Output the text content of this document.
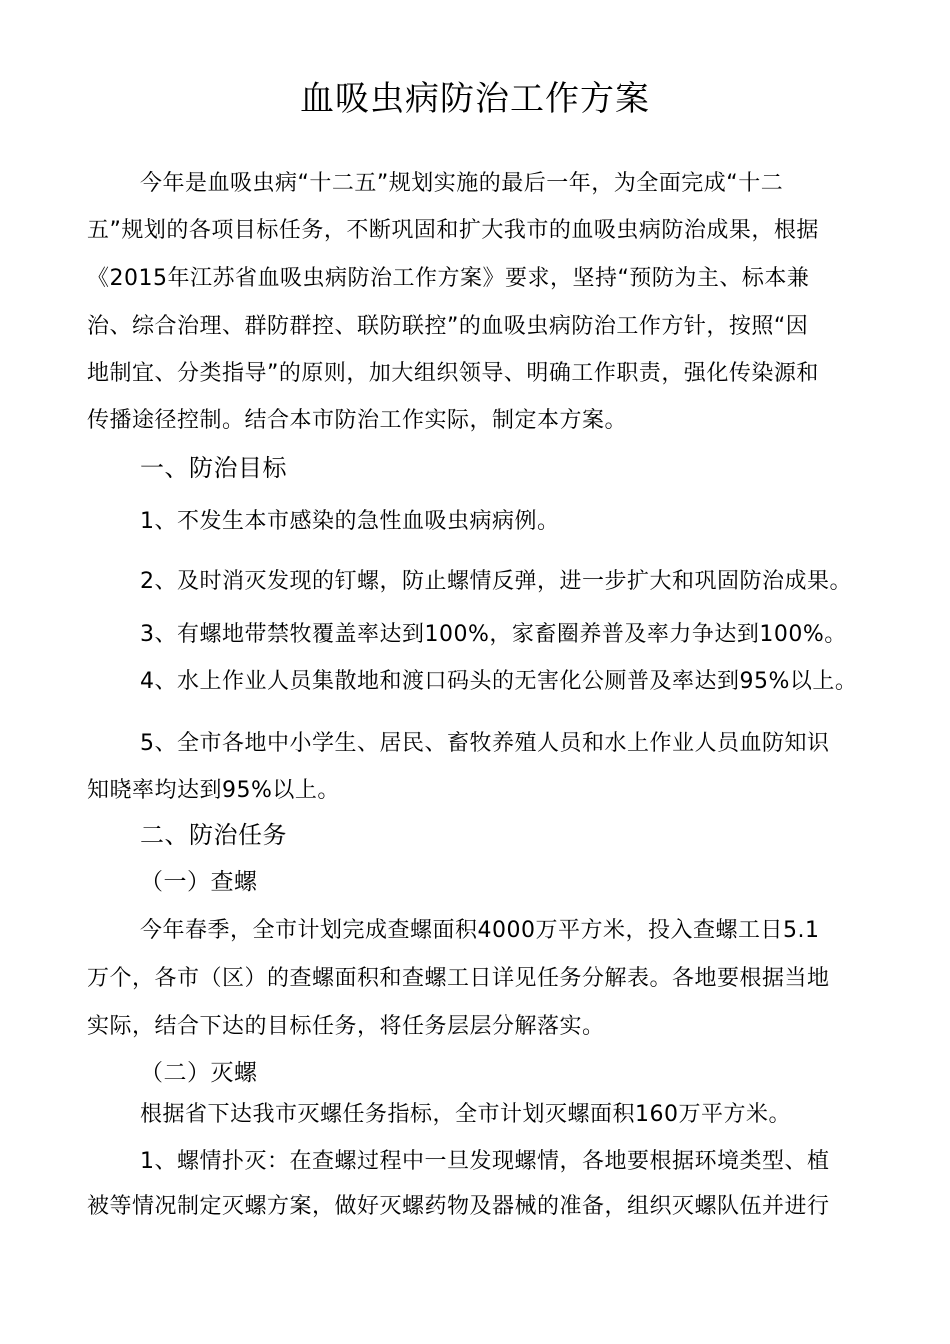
血吸虫病防治工作方案
今年是血吸虫病“十二五”规划实施的最后一年，为全面完成“十二
五”规划的各项目标任务，不断巩固和扩大我市的血吸虫病防治成果，根据
《2015年江苏省血吸虫病防治工作方案》要求，坚持“预防为主、标本兼
治、综合治理、群防群控、联防联控”的血吸虫病防治工作方针，按照“因
地制宜、分类指导”的原则，加大组织领导、明确工作职责，强化传染源和
传播途径控制。结合本市防治工作实际，制定本方案。
一、防治目标
1、不发生本市感染的急性血吸虫病病例。
2、及时消灭发现的钉螺，防止螺情反弹，进一步扩大和巩固防治成果。
3、有螺地带禁牧覆盖率达到100%，家畜圈养普及率力争达到100%。
4、水上作业人员集散地和渡口码头的无害化公厕普及率达到95%以上。
5、全市各地中小学生、居民、畜牧养殖人员和水上作业人员血防知识
知晓率均达到95%以上。
二、防治任务
（一）查螺
今年春季，全市计划完成查螺面积4000万平方米，投入查螺工日5.1
万个，各市（区）的查螺面积和查螺工日详见任务分解表。各地要根据当地
实际，结合下达的目标任务，将任务层层分解落实。
（二）灭螺
根据省下达我市灭螺任务指标，全市计划灭螺面积160万平方米。
1、螺情扑灭：在查螺过程中一旦发现螺情，各地要根据环境类型、植
被等情况制定灭螺方案，做好灭螺药物及器械的准备，组织灭螺队伍并进行
